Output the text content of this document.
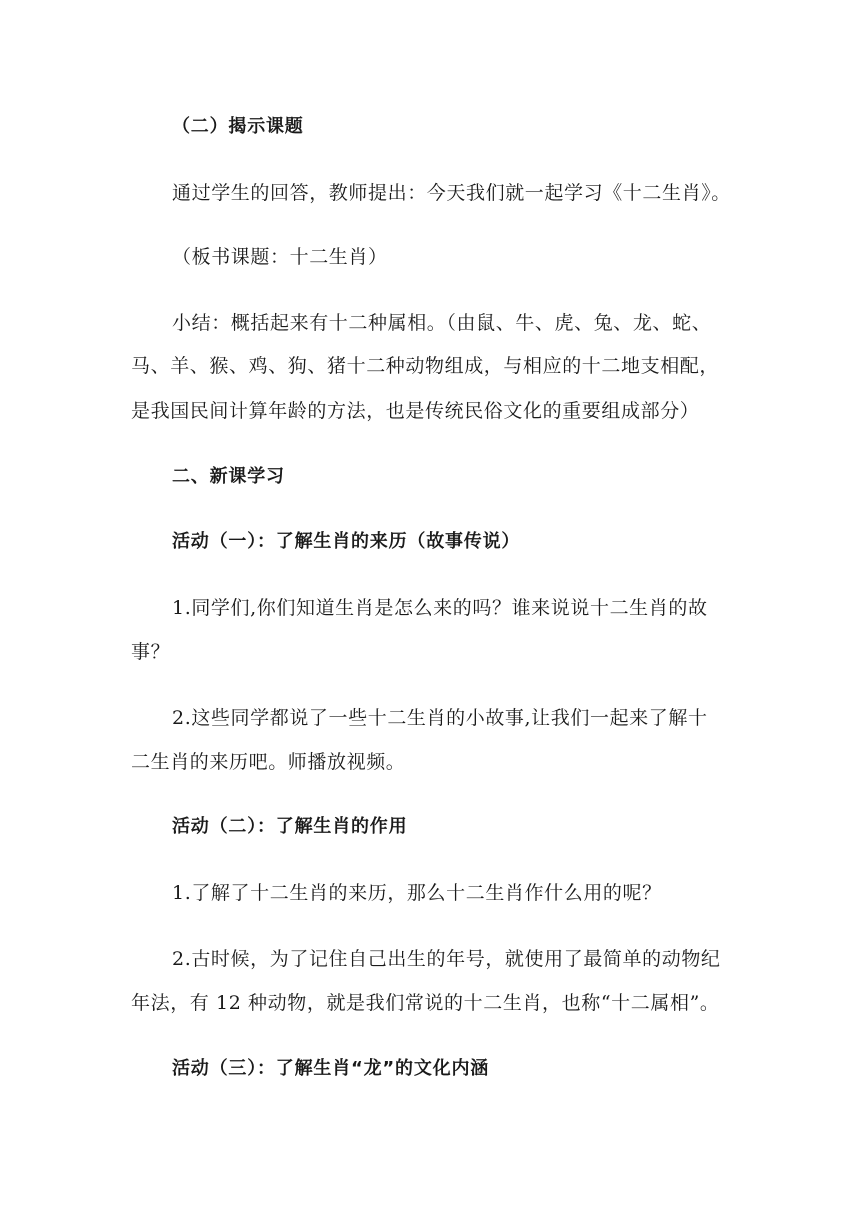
（二）揭示课题
通过学生的回答，教师提出：今天我们就一起学习《十二生肖》。
（板书课题：十二生肖）
小结：概括起来有十二种属相。（由鼠、牛、虎、兔、龙、蛇、
马、羊、猴、鸡、狗、猪十二种动物组成，与相应的十二地支相配，
是我国民间计算年龄的方法，也是传统民俗文化的重要组成部分）
二、新课学习
活动（一）：了解生肖的来历（故事传说）
1.同学们,你们知道生肖是怎么来的吗？谁来说说十二生肖的故
事？
2.这些同学都说了一些十二生肖的小故事,让我们一起来了解十
二生肖的来历吧。师播放视频。
活动（二）：了解生肖的作用
1.了解了十二生肖的来历，那么十二生肖作什么用的呢？
2.古时候，为了记住自己出生的年号，就使用了最简单的动物纪
年法，有 12 种动物，就是我们常说的十二生肖，也称“十二属相”。
活动（三）：了解生肖“龙”的文化内涵
